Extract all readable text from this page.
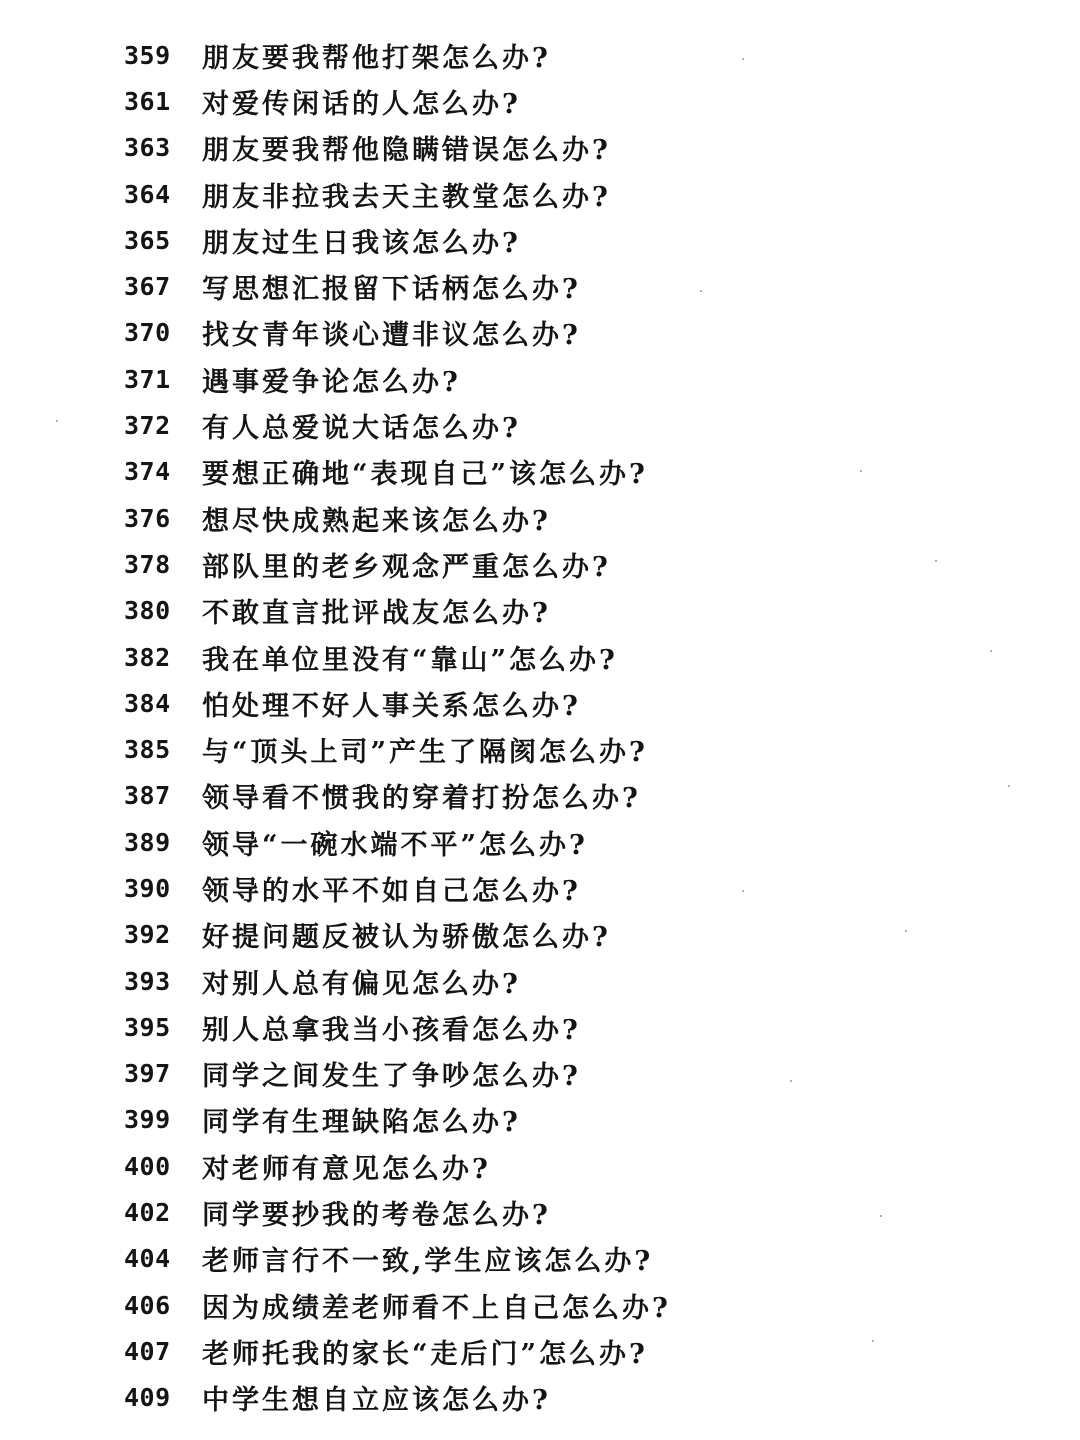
359	朋友要我帮他打架怎么办?
361	对爱传闲话的人怎么办?
363	朋友要我帮他隐瞒错误怎么办?
364	朋友非拉我去天主教堂怎么办?
365	朋友过生日我该怎么办?
367	写思想汇报留下话柄怎么办?
370	找女青年谈心遭非议怎么办?
371	遇事爱争论怎么办?
372	有人总爱说大话怎么办?
374	要想正确地“表现自己”该怎么办?
376	想尽快成熟起来该怎么办?
378	部队里的老乡观念严重怎么办?
380	不敢直言批评战友怎么办?
382	我在单位里没有“靠山”怎么办?
384	怕处理不好人事关系怎么办?
385	与“顶头上司”产生了隔阂怎么办?
387	领导看不惯我的穿着打扮怎么办?
389	领导“一碗水端不平”怎么办?
390	领导的水平不如自己怎么办?
392	好提问题反被认为骄傲怎么办?
393	对别人总有偏见怎么办?
395	别人总拿我当小孩看怎么办?
397	同学之间发生了争吵怎么办?
399	同学有生理缺陷怎么办?
400	对老师有意见怎么办?
402	同学要抄我的考卷怎么办?
404	老师言行不一致,学生应该怎么办?
406	因为成绩差老师看不上自己怎么办?
407	老师托我的家长“走后门”怎么办?
409	中学生想自立应该怎么办?
